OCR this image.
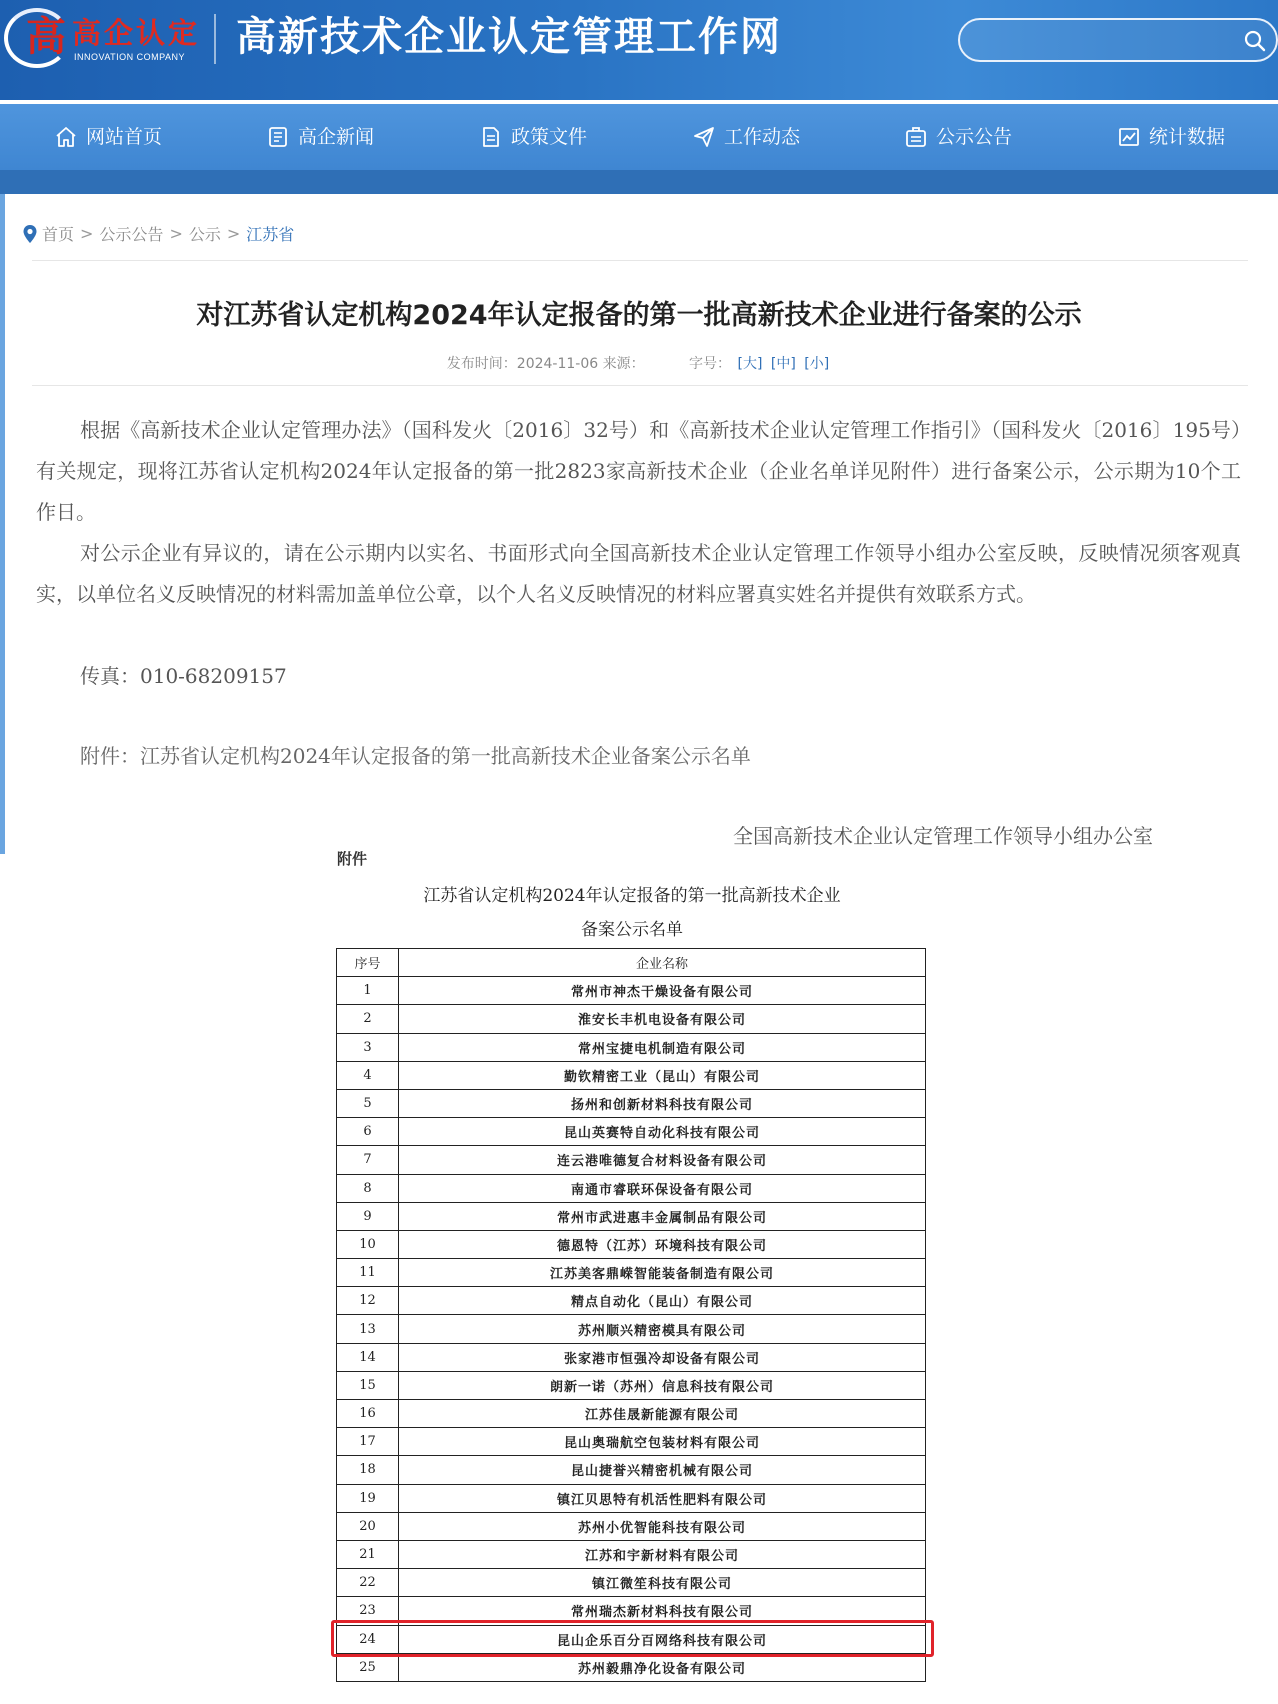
高 高企认定
INNOVATION COMPANY 高新技术企业认定管理工作网
网站首页	高企新闻	政策文件	工作动态	公示公告	统计数据
首页 > 公示公告 > 公示 > 江苏省
对江苏省认定机构2024年认定报备的第一批高新技术企业进行备案的公示
发布时间：2024-11-06 来源：	字号： [大] [中] [小]
根据《高新技术企业认定管理办法》（国科发火〔2016〕32号）和《高新技术企业认定管理工作指引》（国科发火〔2016〕195号）有关规定，现将江苏省认定机构2024年认定报备的第一批2823家高新技术企业（企业名单详见附件）进行备案公示，公示期为10个工作日。
对公示企业有异议的，请在公示期内以实名、书面形式向全国高新技术企业认定管理工作领导小组办公室反映，反映情况须客观真实，以单位名义反映情况的材料需加盖单位公章，以个人名义反映情况的材料应署真实姓名并提供有效联系方式。
传真：010-68209157
附件：江苏省认定机构2024年认定报备的第一批高新技术企业备案公示名单
全国高新技术企业认定管理工作领导小组办公室
附件
江苏省认定机构2024年认定报备的第一批高新技术企业
备案公示名单
序号	企业名称
1	常州市神杰干燥设备有限公司
2	淮安长丰机电设备有限公司
3	常州宝捷电机制造有限公司
4	勤钦精密工业（昆山）有限公司
5	扬州和创新材料科技有限公司
6	昆山英赛特自动化科技有限公司
7	连云港唯德复合材料设备有限公司
8	南通市睿联环保设备有限公司
9	常州市武进惠丰金属制品有限公司
10	德恩特（江苏）环境科技有限公司
11	江苏美客鼎嵘智能装备制造有限公司
12	精点自动化（昆山）有限公司
13	苏州顺兴精密模具有限公司
14	张家港市恒强冷却设备有限公司
15	朗新一诺（苏州）信息科技有限公司
16	江苏佳晟新能源有限公司
17	昆山奥瑞航空包装材料有限公司
18	昆山捷誉兴精密机械有限公司
19	镇江贝思特有机活性肥料有限公司
20	苏州小优智能科技有限公司
21	江苏和宇新材料有限公司
22	镇江微笙科技有限公司
23	常州瑞杰新材料科技有限公司
24	昆山企乐百分百网络科技有限公司
25	苏州毅鼎净化设备有限公司
